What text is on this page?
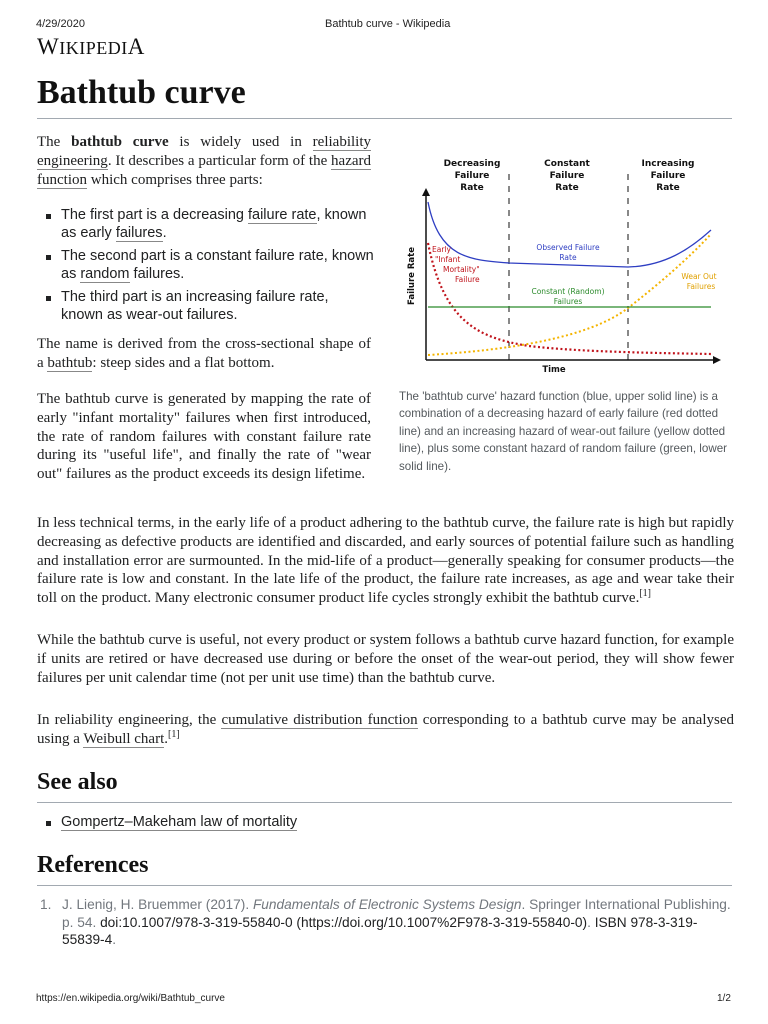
4/29/2020	Bathtub curve - Wikipedia
WIKIPEDIA
Bathtub curve
The bathtub curve is widely used in reliability engineering. It describes a particular form of the hazard function which comprises three parts:
The first part is a decreasing failure rate, known as early failures.
The second part is a constant failure rate, known as random failures.
The third part is an increasing failure rate, known as wear-out failures.
The name is derived from the cross-sectional shape of a bathtub: steep sides and a flat bottom.
The bathtub curve is generated by mapping the rate of early "infant mortality" failures when first introduced, the rate of random failures with constant failure rate during its "useful life", and finally the rate of "wear out" failures as the product exceeds its design lifetime.
Decreasing
Failure
Rate
Constant
Failure
Rate
Increasing
Failure
Rate
Failure Rate
Time
Early
"Infant
Mortality"
Failure
Observed Failure
Rate
Constant (Random)
Failures
Wear Out
Failures
The 'bathtub curve' hazard function (blue, upper solid line) is a combination of a decreasing hazard of early failure (red dotted line) and an increasing hazard of wear-out failure (yellow dotted line), plus some constant hazard of random failure (green, lower solid line).
In less technical terms, in the early life of a product adhering to the bathtub curve, the failure rate is high but rapidly decreasing as defective products are identified and discarded, and early sources of potential failure such as handling and installation error are surmounted. In the mid-life of a product—generally speaking for consumer products—the failure rate is low and constant. In the late life of the product, the failure rate increases, as age and wear take their toll on the product. Many electronic consumer product life cycles strongly exhibit the bathtub curve.[1]
While the bathtub curve is useful, not every product or system follows a bathtub curve hazard function, for example if units are retired or have decreased use during or before the onset of the wear-out period, they will show fewer failures per unit calendar time (not per unit use time) than the bathtub curve.
In reliability engineering, the cumulative distribution function corresponding to a bathtub curve may be analysed using a Weibull chart.[1]
See also
Gompertz–Makeham law of mortality
References
1. J. Lienig, H. Bruemmer (2017). Fundamentals of Electronic Systems Design. Springer International Publishing. p. 54. doi:10.1007/978-3-319-55840-0 (https://doi.org/10.1007%2F978-3-319-55840-0). ISBN 978-3-319-55839-4.
https://en.wikipedia.org/wiki/Bathtub_curve	1/2
